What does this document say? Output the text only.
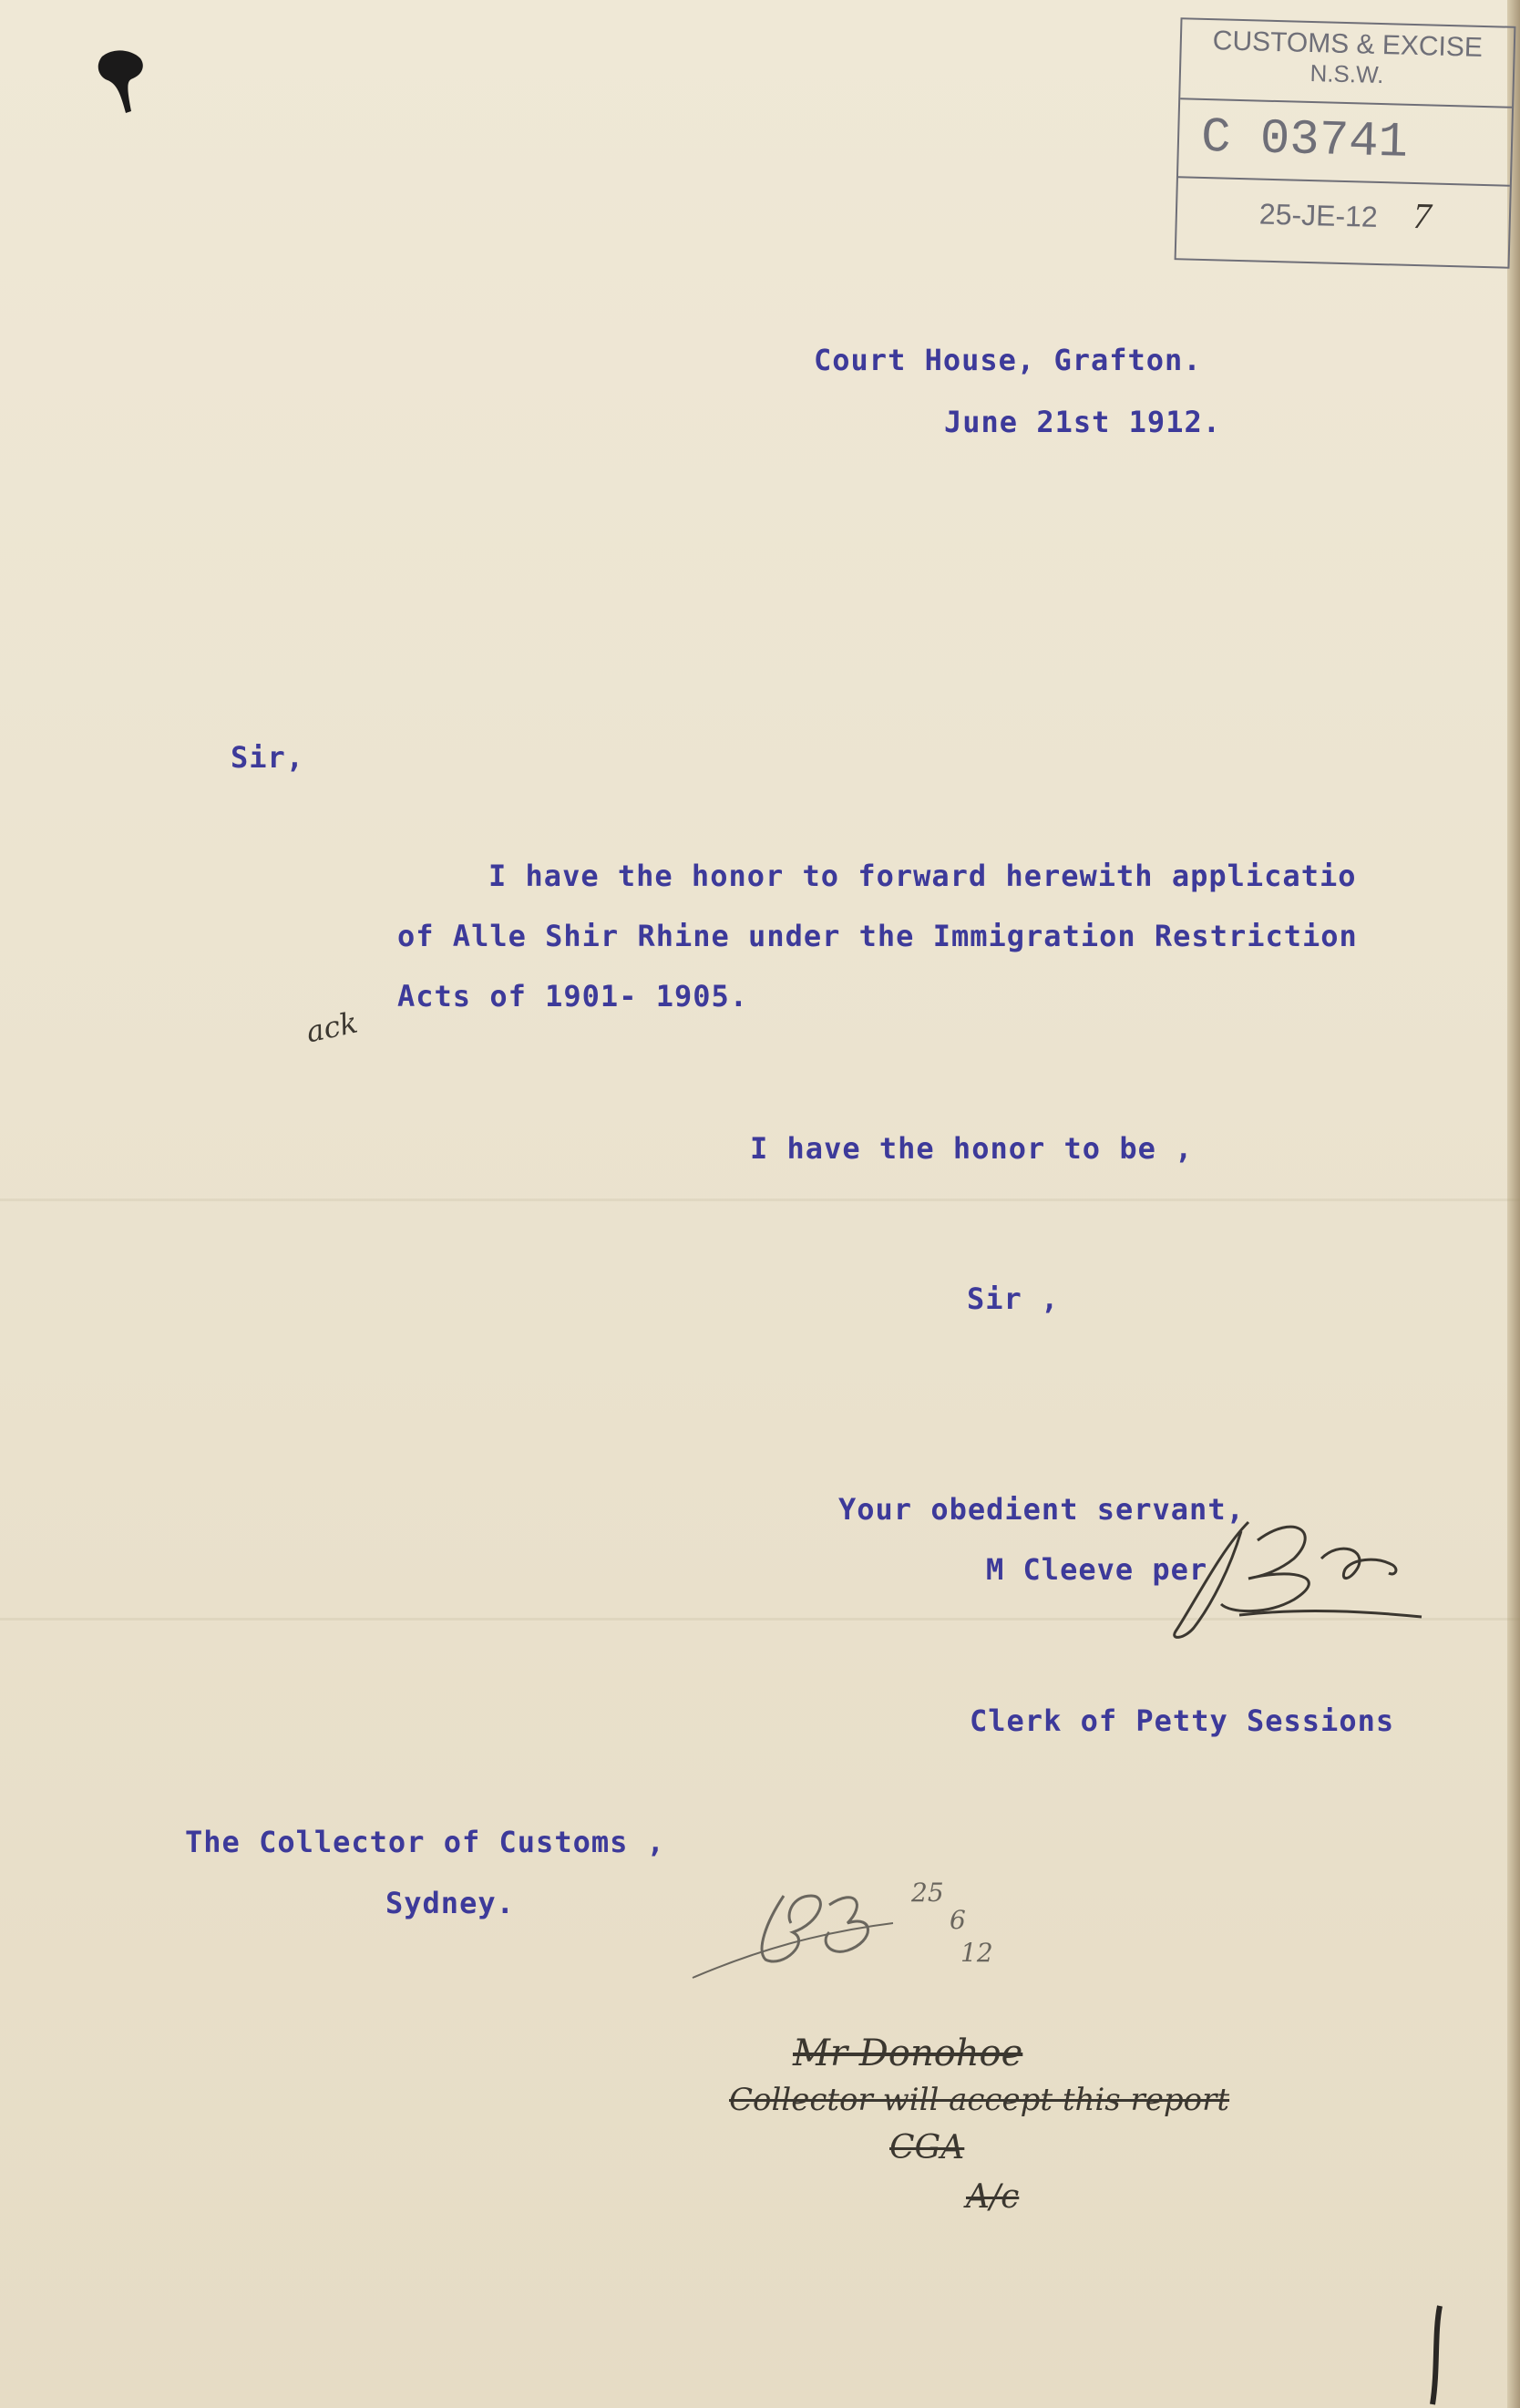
CUSTOMS & EXCISE
N.S.W.
C 03741
25-JE-12 7

Court House, Grafton.

June 21st 1912.

Sir,

I have the honor to forward herewith applicatio

of Alle Shir Rhine under the Immigration Restriction

Acts of 1901- 1905.

ack

I have the honor to be ,

Sir ,

Your obedient servant,

M Cleeve per

Clerk of Petty Sessions

The Collector of Customs ,

Sydney.	25
6
12
Mr Donohoe
Collector will accept this report
CGA
A/c
